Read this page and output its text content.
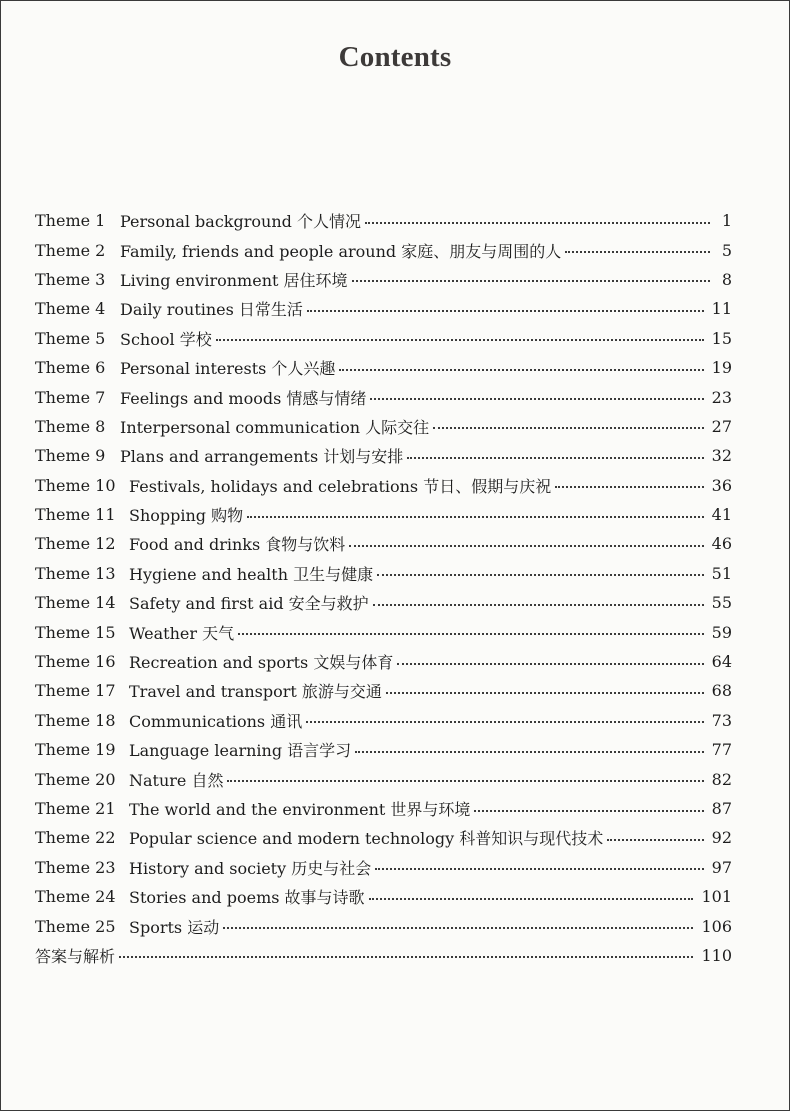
Contents
Theme 1 Personal background 个人情况	1
Theme 2 Family, friends and people around 家庭、朋友与周围的人	5
Theme 3 Living environment 居住环境	8
Theme 4 Daily routines 日常生活	11
Theme 5 School 学校	15
Theme 6 Personal interests 个人兴趣	19
Theme 7 Feelings and moods 情感与情绪	23
Theme 8 Interpersonal communication 人际交往	27
Theme 9 Plans and arrangements 计划与安排	32
Theme 10 Festivals, holidays and celebrations 节日、假期与庆祝	36
Theme 11 Shopping 购物	41
Theme 12 Food and drinks 食物与饮料	46
Theme 13 Hygiene and health 卫生与健康	51
Theme 14 Safety and first aid 安全与救护	55
Theme 15 Weather 天气	59
Theme 16 Recreation and sports 文娱与体育	64
Theme 17 Travel and transport 旅游与交通	68
Theme 18 Communications 通讯	73
Theme 19 Language learning 语言学习	77
Theme 20 Nature 自然	82
Theme 21 The world and the environment 世界与环境	87
Theme 22 Popular science and modern technology 科普知识与现代技术	92
Theme 23 History and society 历史与社会	97
Theme 24 Stories and poems 故事与诗歌	101
Theme 25 Sports 运动	106
答案与解析	110
